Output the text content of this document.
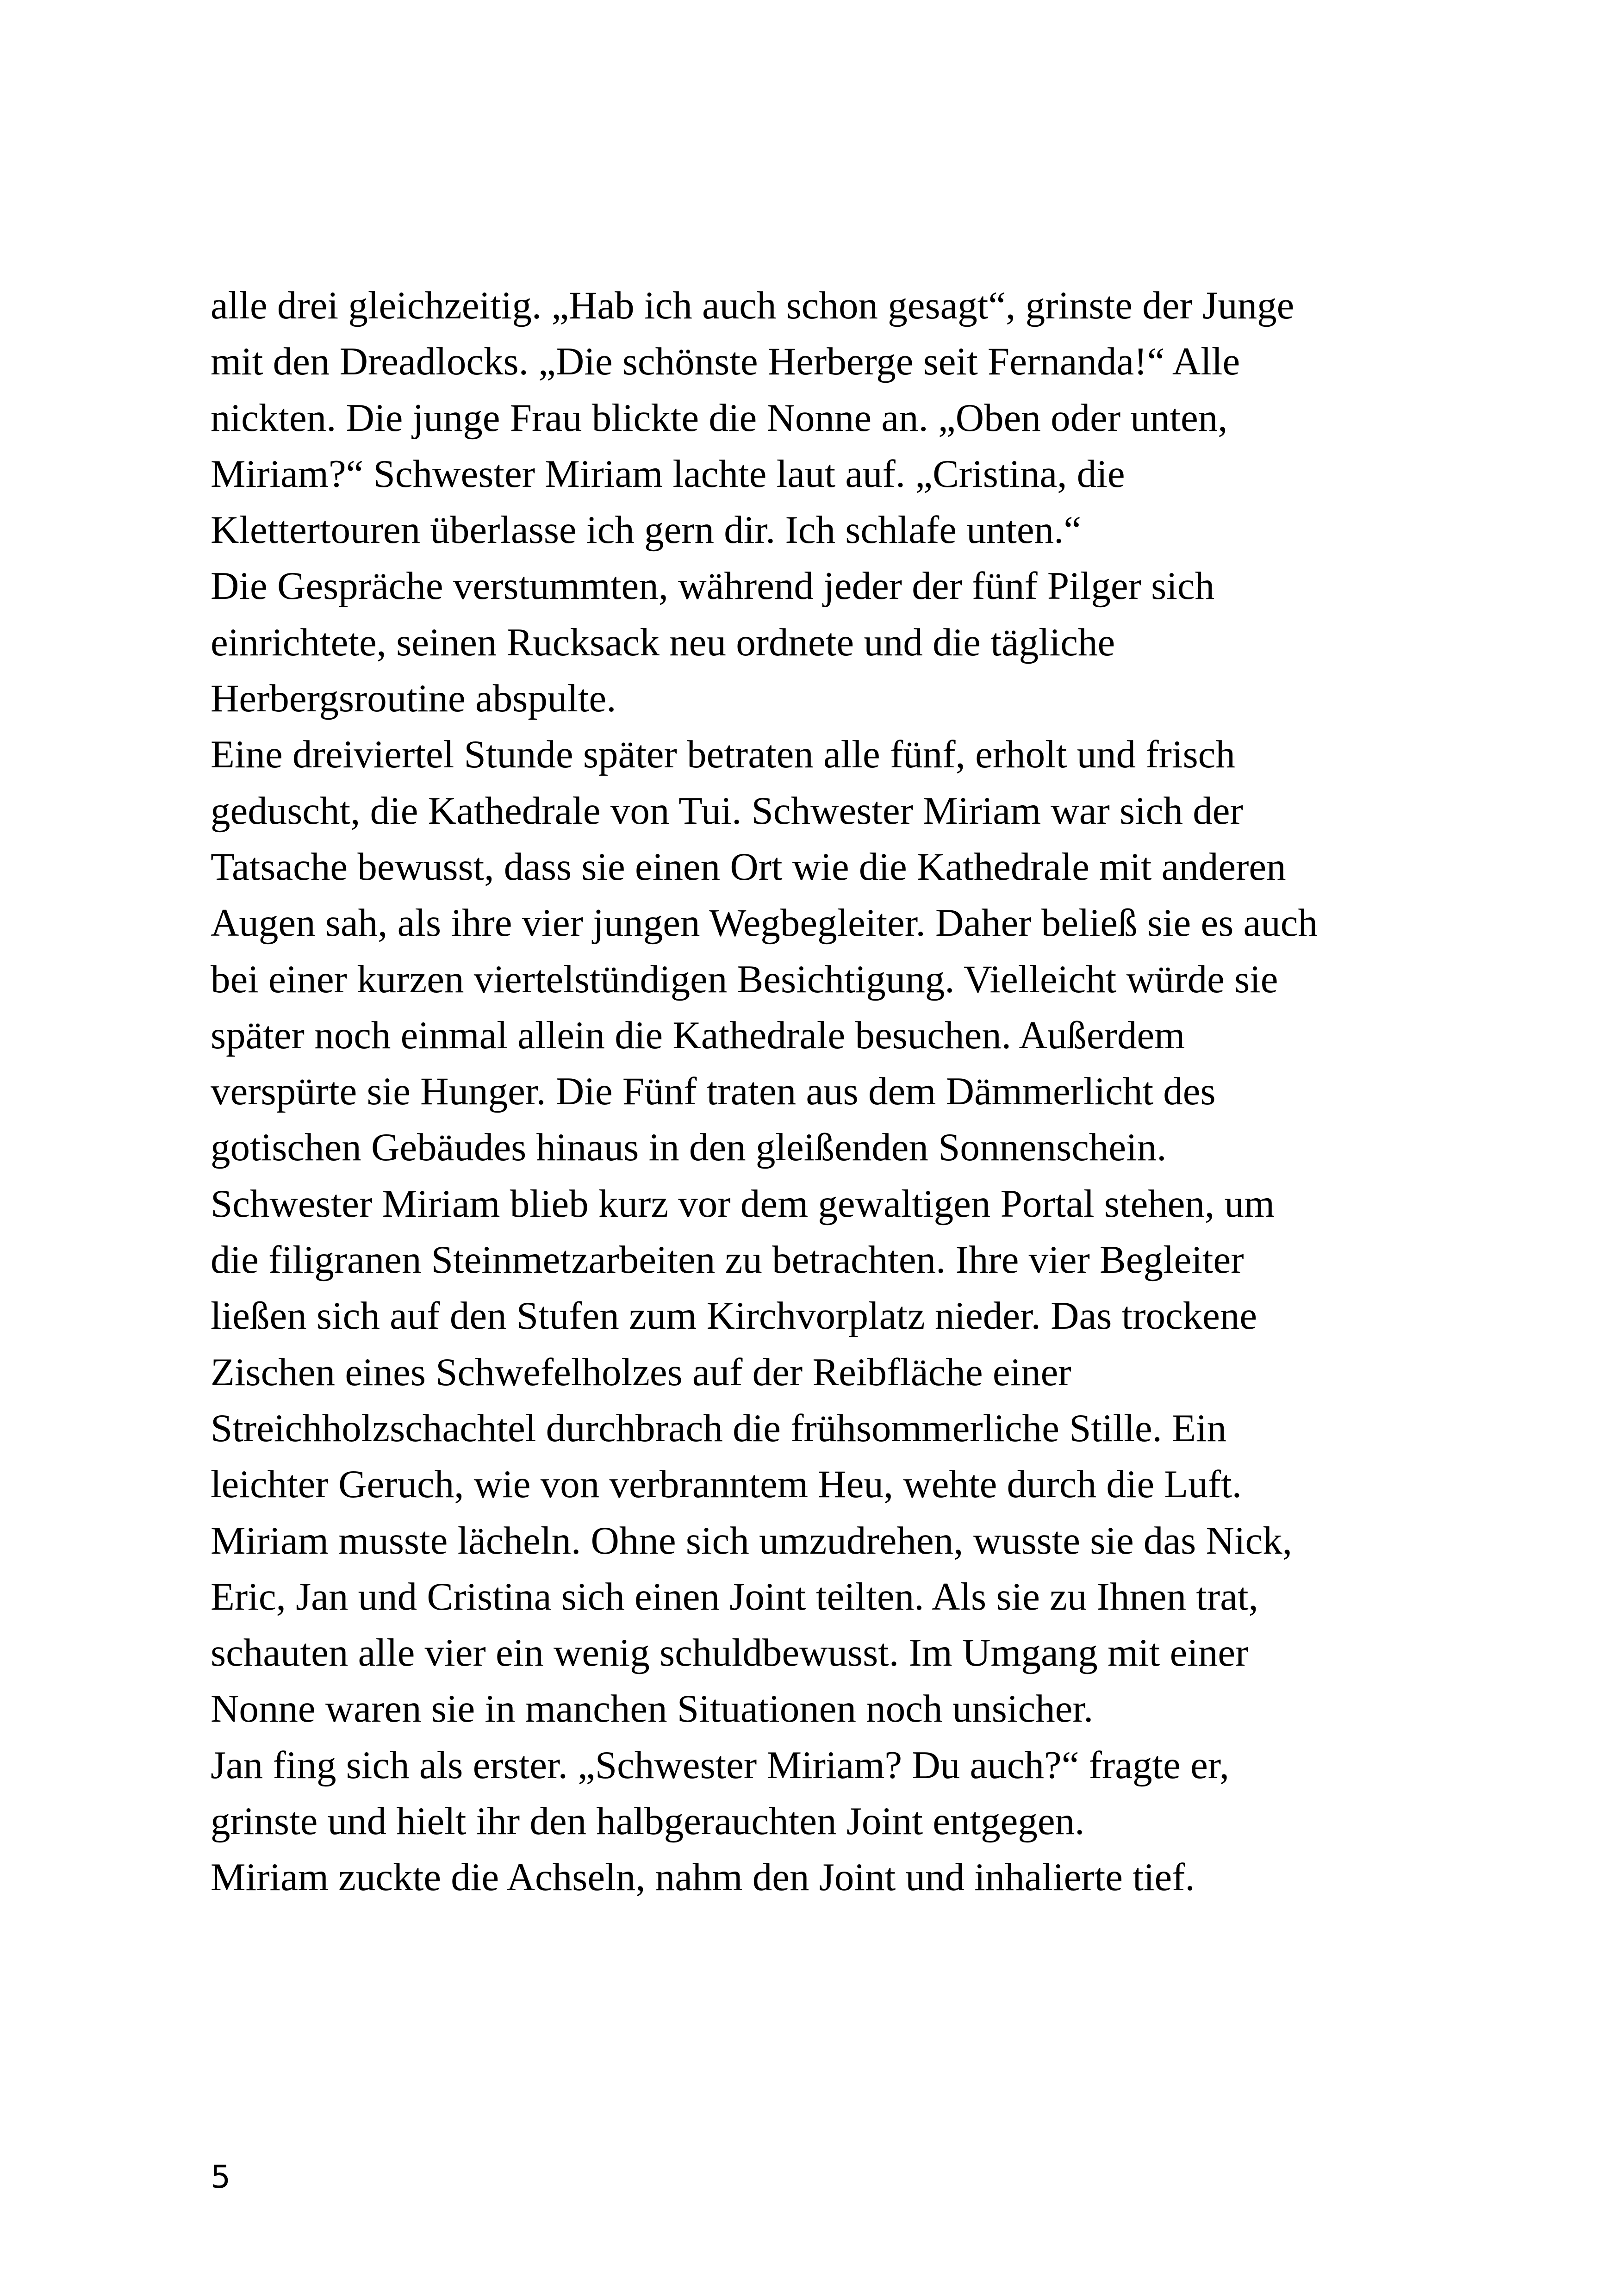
alle drei gleichzeitig. „Hab ich auch schon gesagt“, grinste der Junge
mit den Dreadlocks. „Die schönste Herberge seit Fernanda!“ Alle
nickten. Die junge Frau blickte die Nonne an. „Oben oder unten,
Miriam?“ Schwester Miriam lachte laut auf. „Cristina, die
Klettertouren überlasse ich gern dir. Ich schlafe unten.“
Die Gespräche verstummten, während jeder der fünf Pilger sich
einrichtete, seinen Rucksack neu ordnete und die tägliche
Herbergsroutine abspulte.
Eine dreiviertel Stunde später betraten alle fünf, erholt und frisch
geduscht, die Kathedrale von Tui. Schwester Miriam war sich der
Tatsache bewusst, dass sie einen Ort wie die Kathedrale mit anderen
Augen sah, als ihre vier jungen Wegbegleiter. Daher beließ sie es auch
bei einer kurzen viertelstündigen Besichtigung. Vielleicht würde sie
später noch einmal allein die Kathedrale besuchen. Außerdem
verspürte sie Hunger. Die Fünf traten aus dem Dämmerlicht des
gotischen Gebäudes hinaus in den gleißenden Sonnenschein.
Schwester Miriam blieb kurz vor dem gewaltigen Portal stehen, um
die filigranen Steinmetzarbeiten zu betrachten. Ihre vier Begleiter
ließen sich auf den Stufen zum Kirchvorplatz nieder. Das trockene
Zischen eines Schwefelholzes auf der Reibfläche einer
Streichholzschachtel durchbrach die frühsommerliche Stille. Ein
leichter Geruch, wie von verbranntem Heu, wehte durch die Luft.
Miriam musste lächeln. Ohne sich umzudrehen, wusste sie das Nick,
Eric, Jan und Cristina sich einen Joint teilten. Als sie zu Ihnen trat,
schauten alle vier ein wenig schuldbewusst. Im Umgang mit einer
Nonne waren sie in manchen Situationen noch unsicher.
Jan fing sich als erster. „Schwester Miriam? Du auch?“ fragte er,
grinste und hielt ihr den halbgerauchten Joint entgegen.
Miriam zuckte die Achseln, nahm den Joint und inhalierte tief.
5
